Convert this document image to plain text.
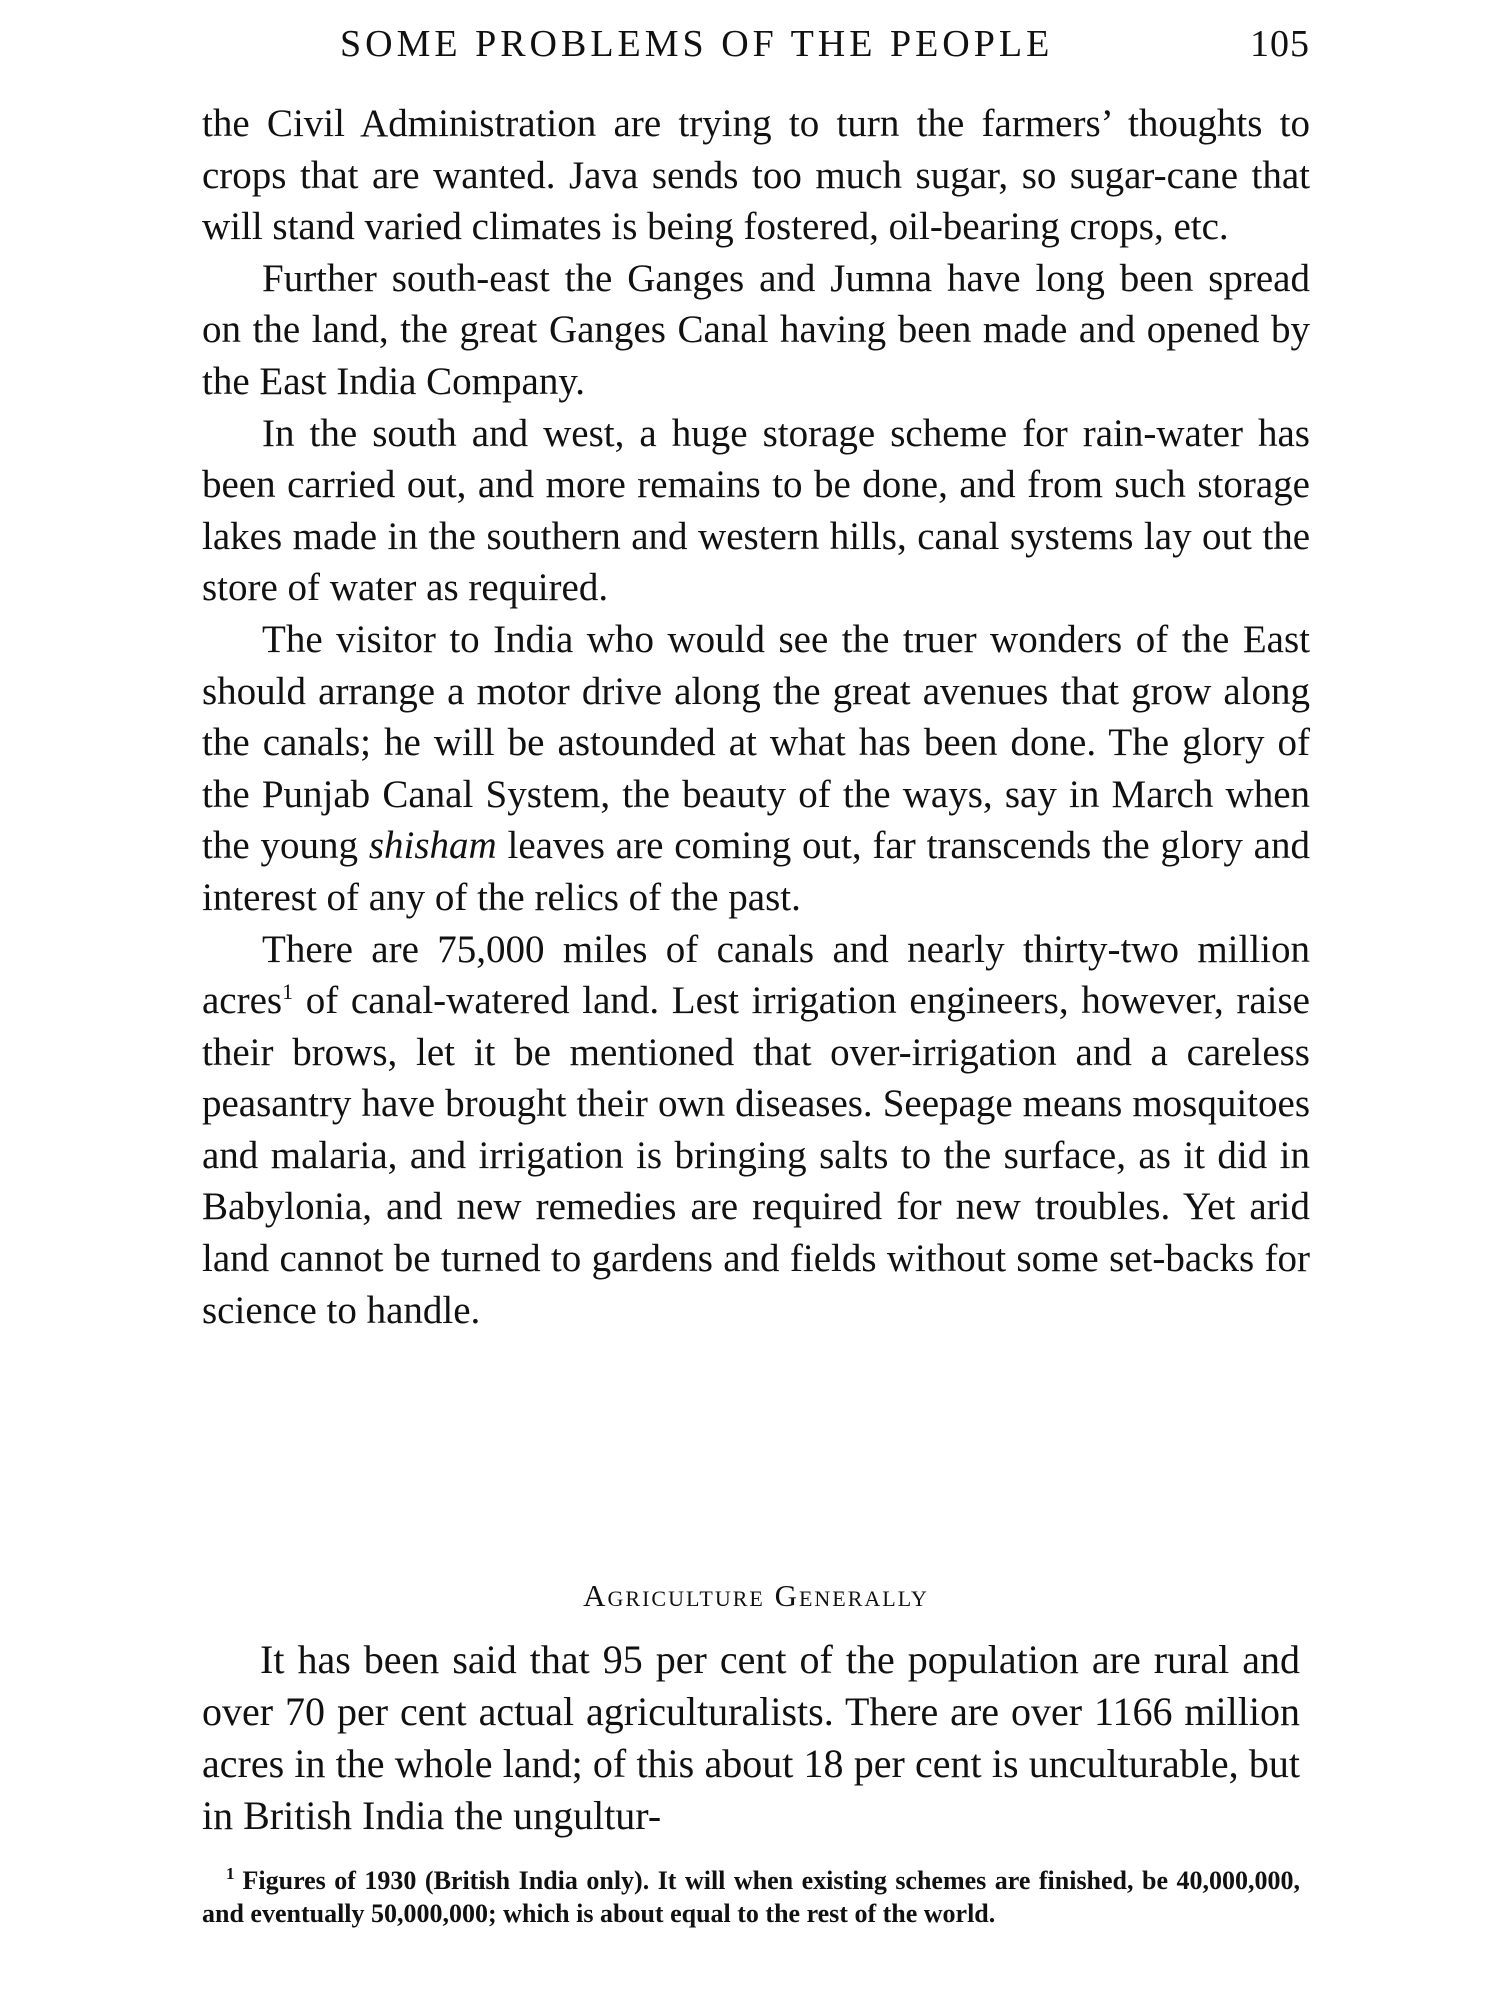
SOME PROBLEMS OF THE PEOPLE	105

the Civil Administration are trying to turn the farmers’ thoughts to crops that are wanted. Java sends too much sugar, so sugar-cane that will stand varied climates is being fostered, oil-bearing crops, etc.

Further south-east the Ganges and Jumna have long been spread on the land, the great Ganges Canal having been made and opened by the East India Company.

In the south and west, a huge storage scheme for rain-water has been carried out, and more remains to be done, and from such storage lakes made in the southern and western hills, canal systems lay out the store of water as required.

The visitor to India who would see the truer wonders of the East should arrange a motor drive along the great avenues that grow along the canals; he will be astounded at what has been done. The glory of the Punjab Canal System, the beauty of the ways, say in March when the young shisham leaves are coming out, far transcends the glory and interest of any of the relics of the past.

There are 75,000 miles of canals and nearly thirty-two million acres$^1$ of canal-watered land. Lest irrigation engineers, however, raise their brows, let it be mentioned that over-irrigation and a careless peasantry have brought their own diseases. Seepage means mosquitoes and malaria, and irrigation is bringing salts to the surface, as it did in Babylonia, and new remedies are required for new troubles. Yet arid land cannot be turned to gardens and fields without some set-backs for science to handle.

Agriculture Generally

It has been said that 95 per cent of the population are rural and over 70 per cent actual agriculturalists. There are over 1166 million acres in the whole land; of this about 18 per cent is unculturable, but in British India the ungultur-

$^1$ Figures of 1930 (British India only). It will when existing schemes are finished, be 40,000,000, and eventually 50,000,000; which is about equal to the rest of the world.
